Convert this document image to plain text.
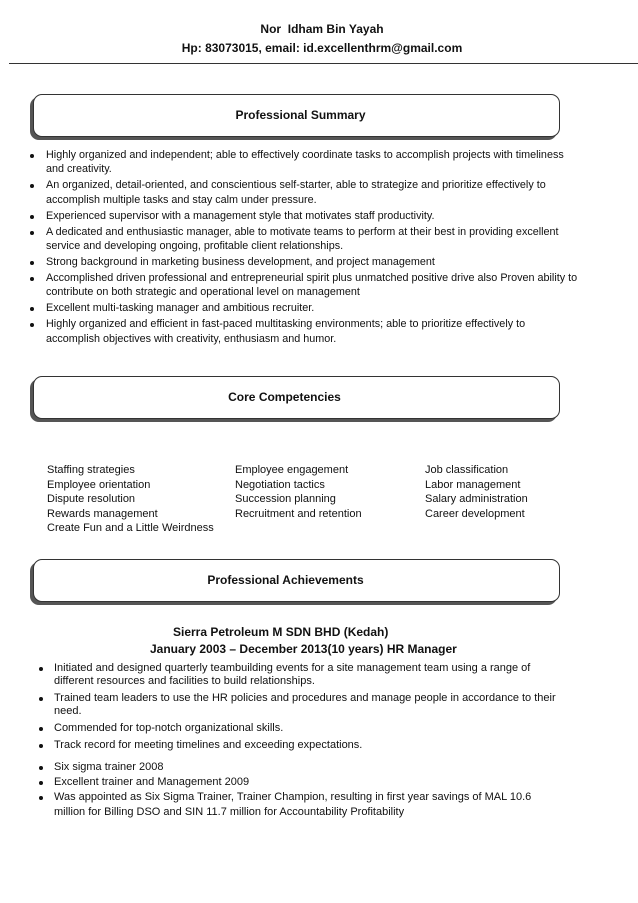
Nor  Idham Bin Yayah
Hp: 83073015, email: id.excellenthrm@gmail.com
Professional Summary
Highly organized and independent; able to effectively coordinate tasks to accomplish projects with timeliness and creativity.
An organized, detail-oriented, and conscientious self-starter, able to strategize and prioritize effectively to accomplish multiple tasks and stay calm under pressure.
Experienced supervisor with a management style that motivates staff productivity.
A dedicated and enthusiastic manager, able to motivate teams to perform at their best in providing excellent service and developing ongoing, profitable client relationships.
Strong background in marketing business development, and project management
Accomplished driven professional and entrepreneurial spirit plus unmatched positive drive also Proven ability to contribute on both strategic and operational level on management
Excellent multi-tasking manager and ambitious recruiter.
Highly organized and efficient in fast-paced multitasking environments; able to prioritize effectively to accomplish objectives with creativity, enthusiasm and humor.
Core Competencies
Staffing strategies
Employee orientation
Dispute resolution
Rewards management
Create Fun and a Little Weirdness
Employee engagement
Negotiation tactics
Succession planning
Recruitment and retention
Job classification
Labor management
Salary administration
Career development
Professional Achievements
Sierra Petroleum M SDN BHD (Kedah)
January 2003 – December 2013(10 years) HR Manager
Initiated and designed quarterly teambuilding events for a site management team using a range of different resources and facilities to build relationships.
Trained team leaders to use the HR policies and procedures and manage people in accordance to their need.
Commended for top-notch organizational skills.
Track record for meeting timelines and exceeding expectations.
Six sigma trainer 2008
Excellent trainer and Management 2009
Was appointed as Six Sigma Trainer, Trainer Champion, resulting in first year savings of MAL 10.6 million for Billing DSO and SIN 11.7 million for Accountability Profitability
